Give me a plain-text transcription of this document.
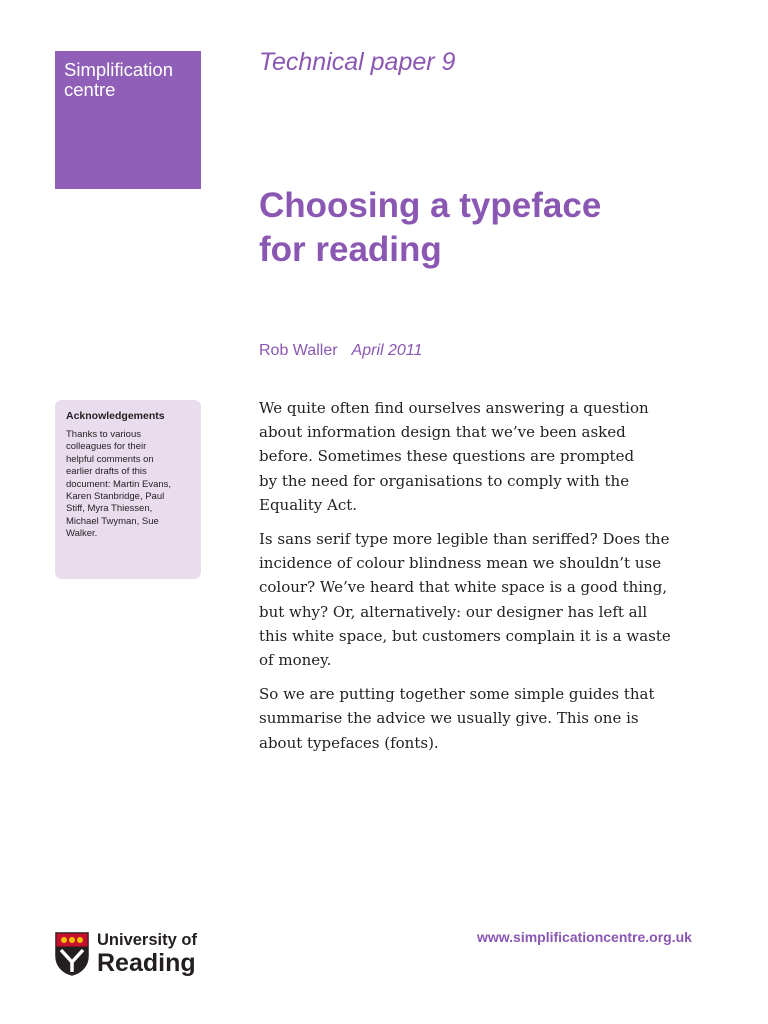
Simplification
centre
Technical paper 9
Choosing a typeface
for reading
Rob Waller April 2011
Acknowledgements
Thanks to various
colleagues for their
helpful comments on
earlier drafts of this
document: Martin Evans,
Karen Stanbridge, Paul
Stiff, Myra Thiessen,
Michael Twyman, Sue
Walker.

We quite often find ourselves answering a question
about information design that we’ve been asked
before. Sometimes these questions are prompted
by the need for organisations to comply with the
Equality Act.

Is sans serif type more legible than seriffed? Does the
incidence of colour blindness mean we shouldn’t use
colour? We’ve heard that white space is a good thing,
but why? Or, alternatively: our designer has left all
this white space, but customers complain it is a waste
of money.

So we are putting together some simple guides that
summarise the advice we usually give. This one is
about typefaces (fonts).

University of
Reading
www.simplificationcentre.org.uk
